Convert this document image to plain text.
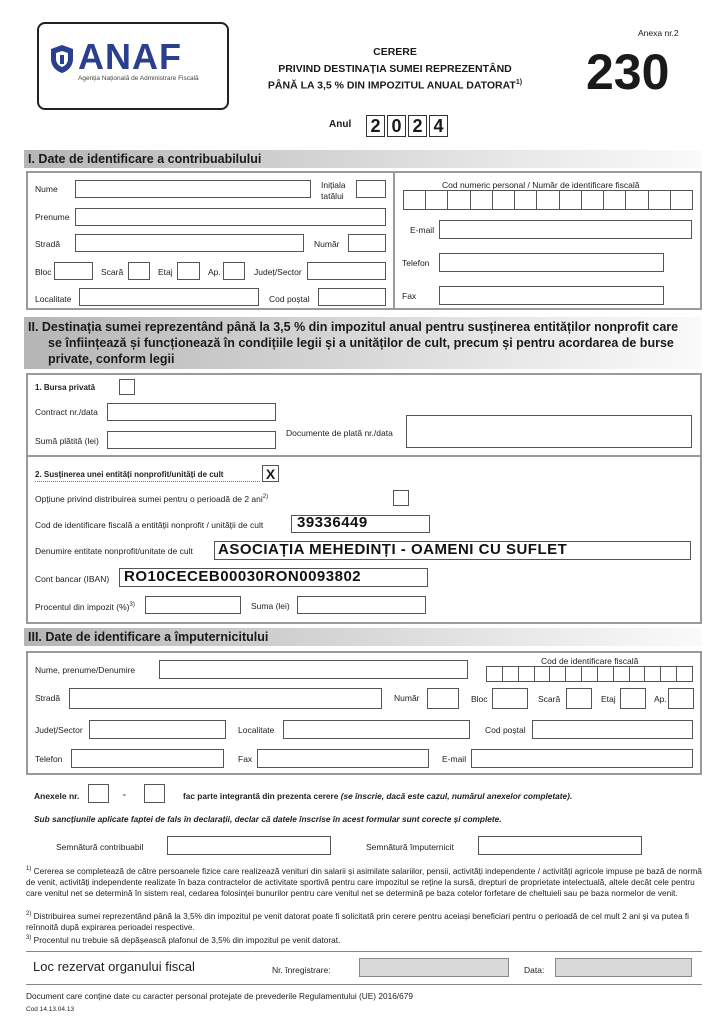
ANAF
Agenția Națională de Administrare Fiscală
CERERE
PRIVIND DESTINAȚIA SUMEI REPREZENTÂND
PÂNĂ LA 3,5 % DIN IMPOZITUL ANUAL DATORAT$^{1)}$
Anexa nr.2
230
Anul 2 0 2 4
I. Date de identificare a contribuabilului
Nume	Inițiala
tatălui
Cod numeric personal / Număr de identificare fiscală
Prenume
E-mail
Stradă	Număr
Telefon
Bloc	Scară	Etaj	Ap.	Județ/Sector
Fax
Localitate	Cod poștal
II. Destinația sumei reprezentând până la 3,5 % din impozitul anual pentru susținerea entităților nonprofit care
se înființează și funcționează în condițiile legii și a unităților de cult, precum și pentru acordarea de burse
private, conform legii
1. Bursa privată
Contract nr./data
Sumă plătită (lei)
Documente de plată nr./data
2. Susținerea unei entități nonprofit/unități de cult	X
Opțiune privind distribuirea sumei pentru o perioadă de 2 ani$^{2)}$
Cod de identificare fiscală a entității nonprofit / unității de cult 39336449
Denumire entitate nonprofit/unitate de cult ASOCIAȚIA MEHEDINȚI - OAMENI CU SUFLET
Cont bancar (IBAN) RO10CECEB00030RON0093802
Procentul din impozit (%)$^{3)}$	Suma (lei)
III. Date de identificare a împuternicitului
Nume, prenume/Denumire
Cod de identificare fiscală
Stradă	Număr	Bloc	Scară	Etaj	Ap.
Județ/Sector	Localitate	Cod poștal
Telefon	Fax	E-mail
Anexele nr.	-	fac parte integrantă din prezenta cerere (se înscrie, dacă este cazul, numărul anexelor completate).
Sub sancțiunile aplicate faptei de fals în declarații, declar că datele înscrise în acest formular sunt corecte și complete.
Semnătură contribuabil	Semnătură împuternicit
$^{1)}$ Cererea se completează de către persoanele fizice care realizează venituri din salarii și asimilate salariilor, pensii, activități independente / activități agricole impuse pe bază de normă de venit, activități independente realizate în baza contractelor de activitate sportivă pentru care impozitul se reține la sursă, drepturi de proprietate intelectuală, altele decât cele pentru care venitul net se determină în sistem real, cedarea folosinței bunurilor pentru care venitul net se determină pe baza cotelor forfetare de cheltuieli sau pe baza normelor de venit.
$^{2)}$ Distribuirea sumei reprezentând până la 3,5% din impozitul pe venit datorat poate fi solicitată prin cerere pentru aceiași beneficiari pentru o perioadă de cel mult 2 ani și va putea fi reînnoită după expirarea perioadei respective.
$^{3)}$ Procentul nu trebuie să depășească plafonul de 3,5% din impozitul pe venit datorat.
Loc rezervat organului fiscal	Nr. înregistrare:	Data:
Document care conține date cu caracter personal protejate de prevederile Regulamentului (UE) 2016/679
Cod 14.13.04.13
